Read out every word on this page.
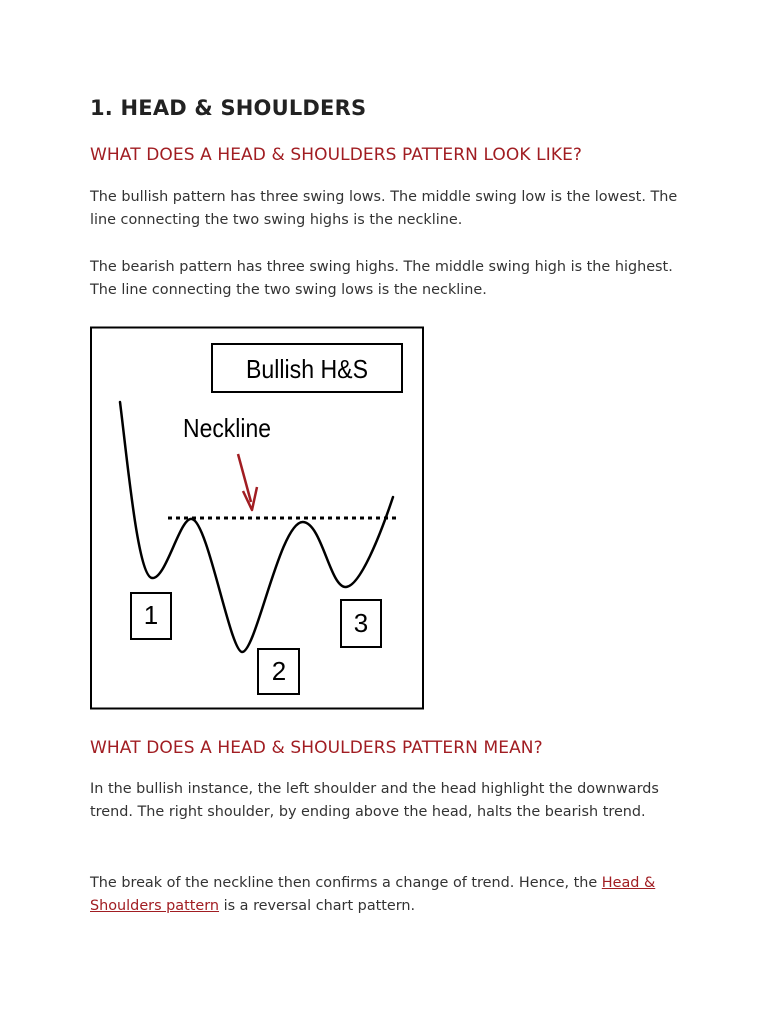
1. HEAD & SHOULDERS
WHAT DOES A HEAD & SHOULDERS PATTERN LOOK LIKE?

The bullish pattern has three swing lows. The middle swing low is the lowest. The line connecting the two swing highs is the neckline.

The bearish pattern has three swing highs. The middle swing high is the highest. The line connecting the two swing lows is the neckline.

WHAT DOES A HEAD & SHOULDERS PATTERN MEAN?

In the bullish instance, the left shoulder and the head highlight the downwards trend. The right shoulder, by ending above the head, halts the bearish trend.

The break of the neckline then confirms a change of trend. Hence, the Head & Shoulders pattern is a reversal chart pattern.

Bullish H&S
Neckline
1
2
3
